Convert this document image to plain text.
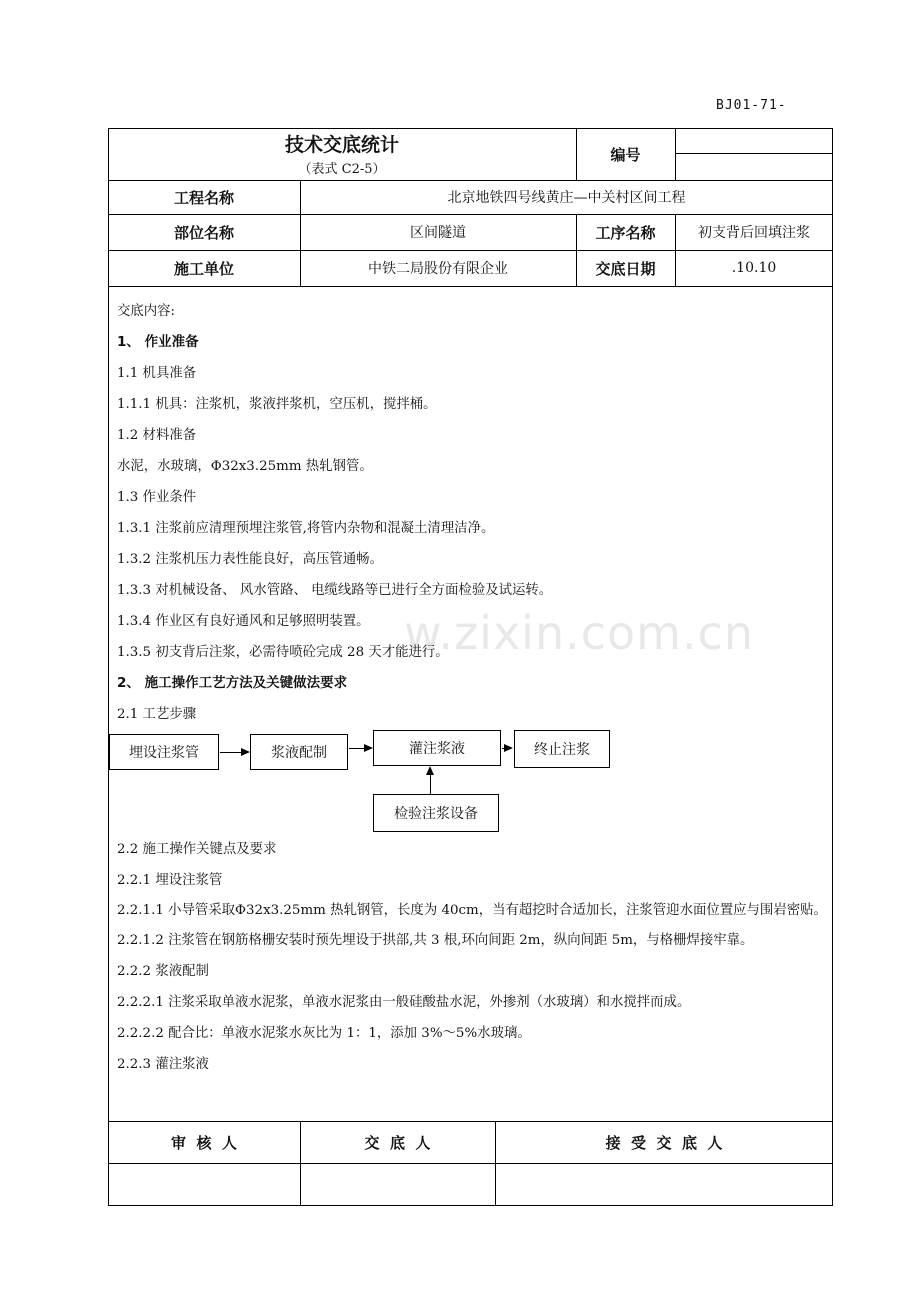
BJ01-71-
技术交底统计
（表式 C2-5）
编号
工程名称	北京地铁四号线黄庄—中关村区间工程
部位名称	区间隧道	工序名称	初支背后回填注浆
施工单位	中铁二局股份有限企业	交底日期	.10.10
w.zixin.com.cn

交底内容:

1、 作业准备

1.1 机具准备

1.1.1 机具：注浆机，浆液拌浆机，空压机，搅拌桶。

1.2 材料准备

水泥，水玻璃，Φ32x3.25mm 热轧钢管。

1.3 作业条件

1.3.1 注浆前应清理预埋注浆管,将管内杂物和混凝土清理洁净。

1.3.2 注浆机压力表性能良好，高压管通畅。

1.3.3 对机械设备、 风水管路、 电缆线路等已进行全方面检验及试运转。

1.3.4 作业区有良好通风和足够照明装置。

1.3.5 初支背后注浆，必需待喷砼完成 28 天才能进行。

2、 施工操作工艺方法及关键做法要求

2.1 工艺步骤

埋设注浆管	浆液配制	灌注浆液	终止注浆
检验注浆设备

2.2 施工操作关键点及要求

2.2.1 埋设注浆管

2.2.1.1 小导管采取Φ32x3.25mm 热轧钢管，长度为 40cm，当有超挖时合适加长，注浆管迎水面位置应与围岩密贴。

2.2.1.2 注浆管在钢筋格栅安装时预先埋设于拱部,共 3 根,环向间距 2m，纵向间距 5m，与格栅焊接牢靠。

2.2.2 浆液配制

2.2.2.1 注浆采取单液水泥浆，单液水泥浆由一般硅酸盐水泥，外掺剂（水玻璃）和水搅拌而成。

2.2.2.2 配合比：单液水泥浆水灰比为 1：1，添加 3%～5%水玻璃。

2.2.3 灌注浆液

审  核  人	交  底  人	接  受  交  底  人
